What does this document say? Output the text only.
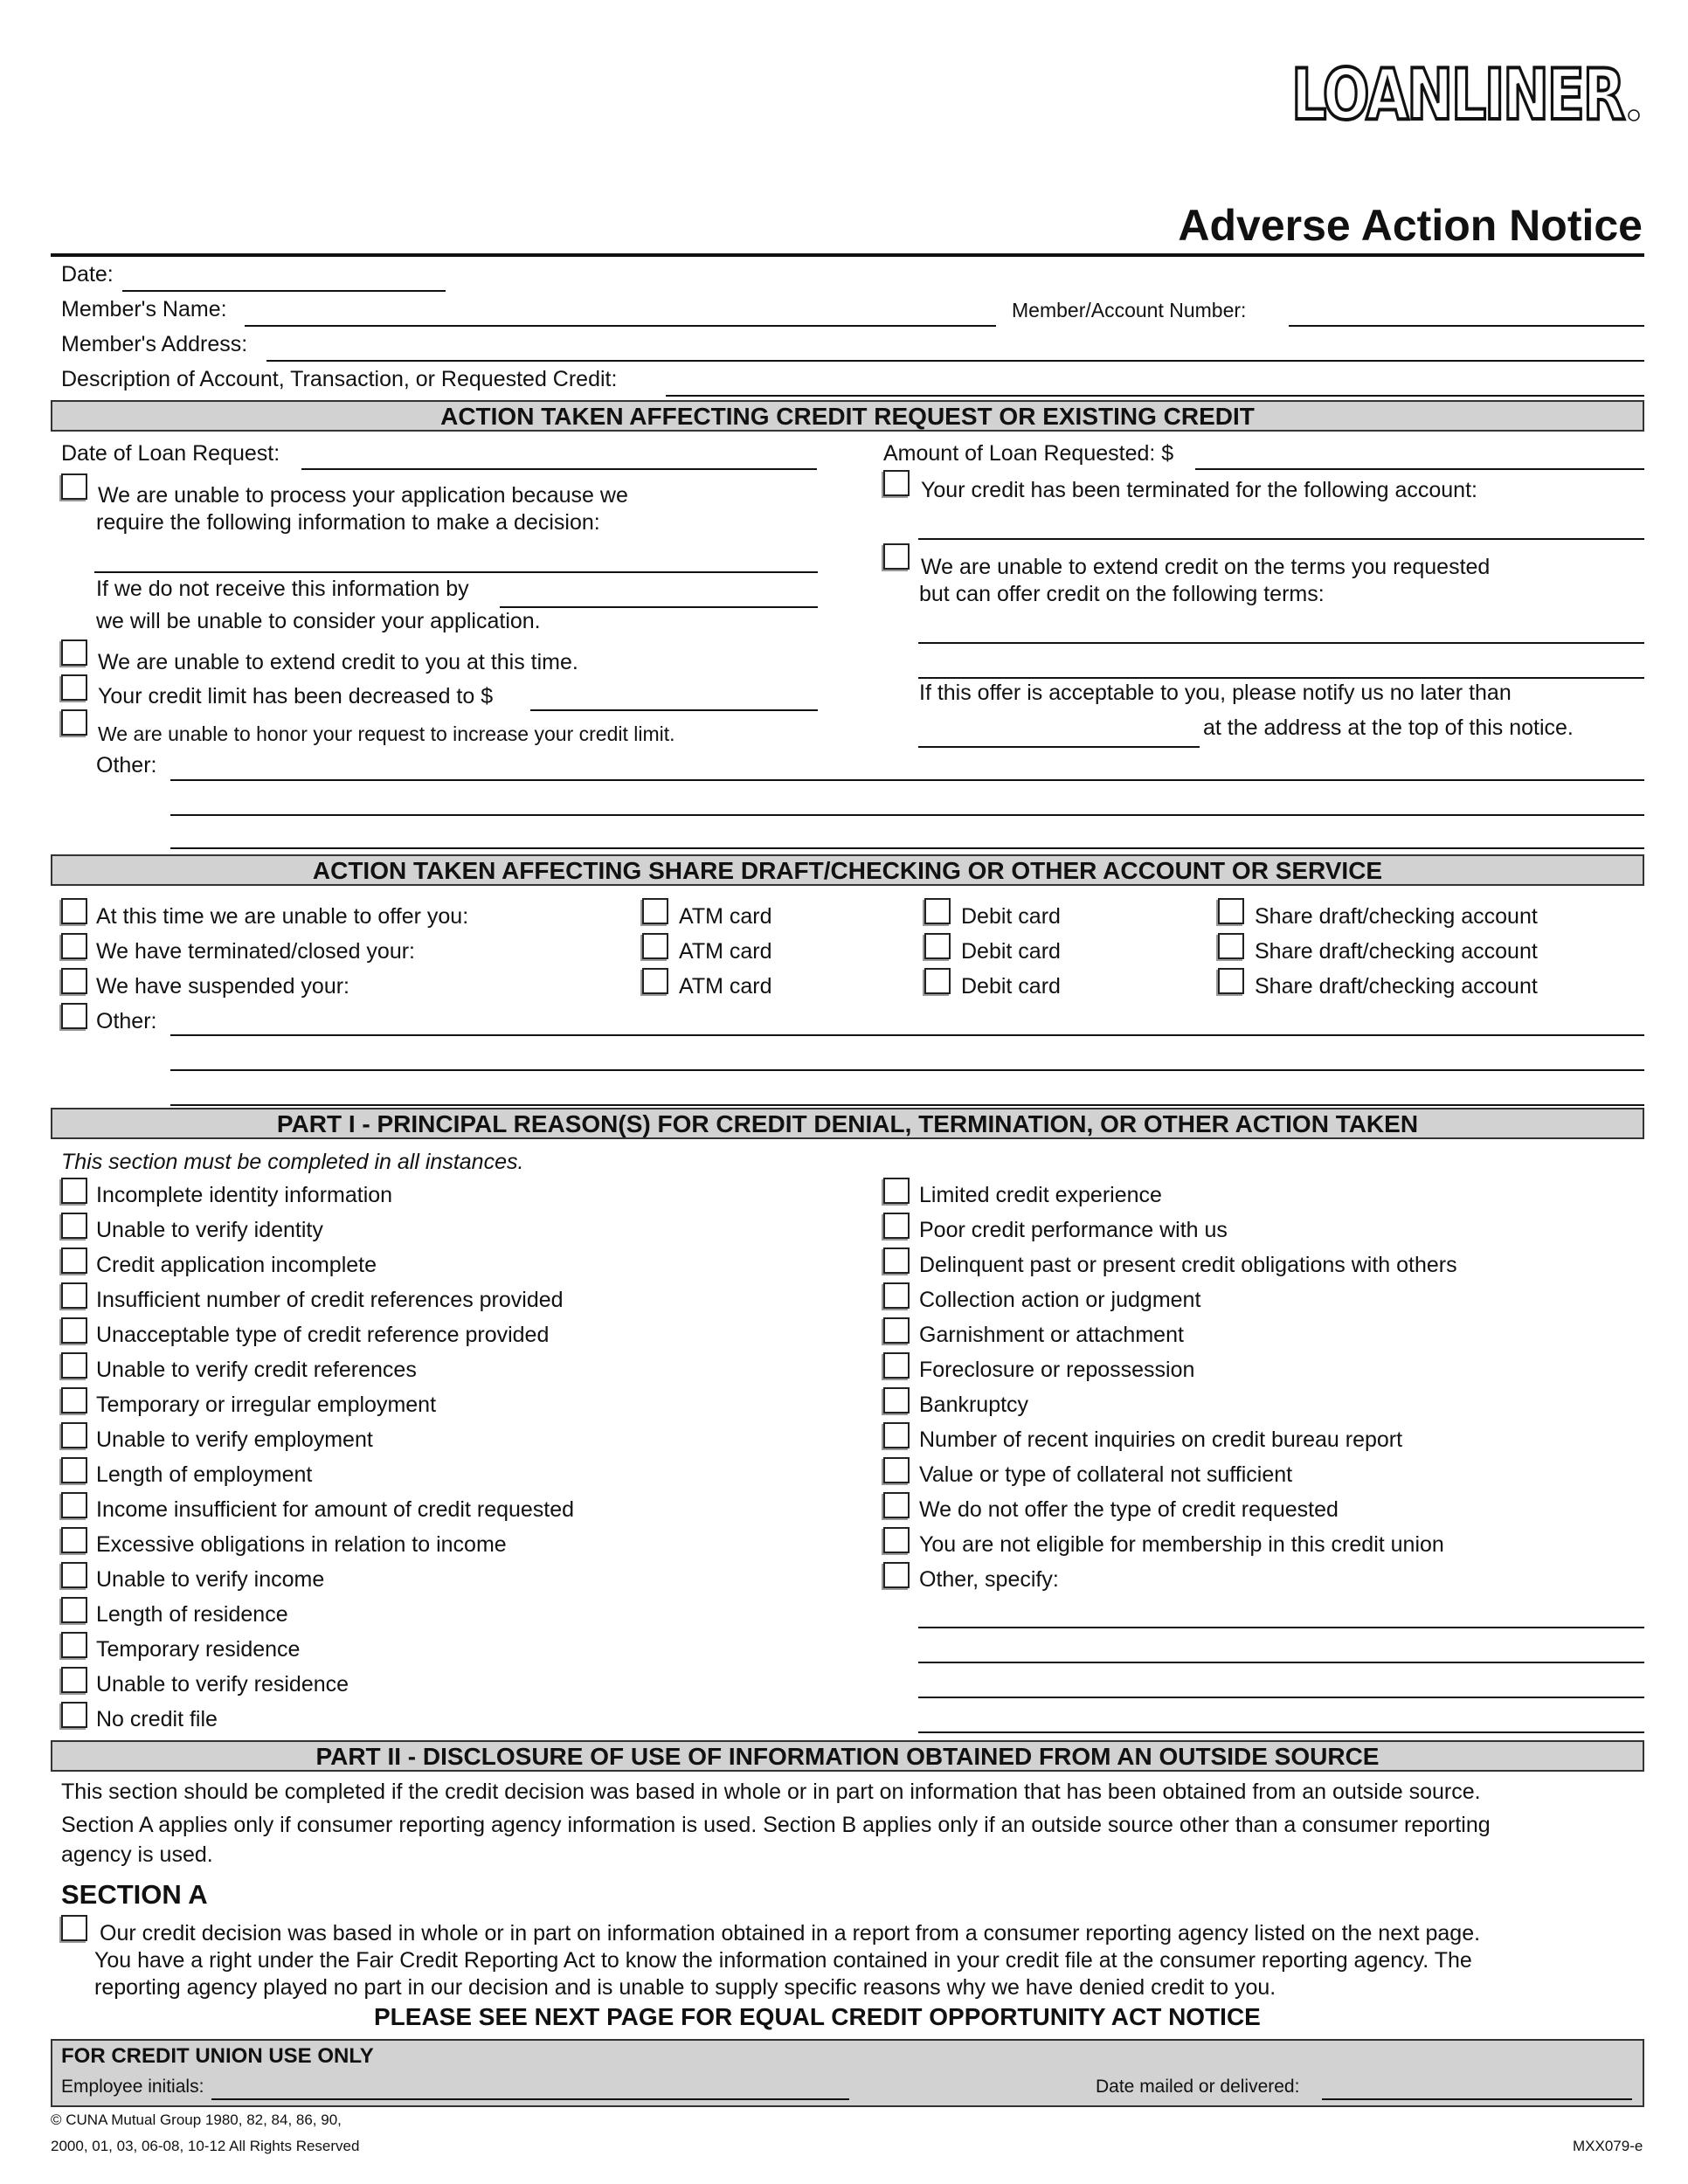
LOANLINER
Adverse Action Notice
Date:
Member's Name:	Member/Account Number:
Member's Address:
Description of Account, Transaction, or Requested Credit:
ACTION TAKEN AFFECTING CREDIT REQUEST OR EXISTING CREDIT
Date of Loan Request:	Amount of Loan Requested: $
We are unable to process your application because we
require the following information to make a decision:
If we do not receive this information by
we will be unable to consider your application.
We are unable to extend credit to you at this time.
Your credit limit has been decreased to $
We are unable to honor your request to increase your credit limit.
Other:
Your credit has been terminated for the following account:
We are unable to extend credit on the terms you requested
but can offer credit on the following terms:
If this offer is acceptable to you, please notify us no later than
at the address at the top of this notice.
ACTION TAKEN AFFECTING SHARE DRAFT/CHECKING OR OTHER ACCOUNT OR SERVICE
At this time we are unable to offer you:	ATM card	Debit card	Share draft/checking account
We have terminated/closed your:	ATM card	Debit card	Share draft/checking account
We have suspended your:	ATM card	Debit card	Share draft/checking account
Other:
PART I - PRINCIPAL REASON(S) FOR CREDIT DENIAL, TERMINATION, OR OTHER ACTION TAKEN
This section must be completed in all instances.
PART II - DISCLOSURE OF USE OF INFORMATION OBTAINED FROM AN OUTSIDE SOURCE
This section should be completed if the credit decision was based in whole or in part on information that has been obtained from an outside source.
Section A applies only if consumer reporting agency information is used. Section B applies only if an outside source other than a consumer reporting
agency is used.
SECTION A
Our credit decision was based in whole or in part on information obtained in a report from a consumer reporting agency listed on the next page.
You have a right under the Fair Credit Reporting Act to know the information contained in your credit file at the consumer reporting agency. The
reporting agency played no part in our decision and is unable to supply specific reasons why we have denied credit to you.
PLEASE SEE NEXT PAGE FOR EQUAL CREDIT OPPORTUNITY ACT NOTICE
FOR CREDIT UNION USE ONLY
Employee initials:	Date mailed or delivered:
© CUNA Mutual Group 1980, 82, 84, 86, 90,
2000, 01, 03, 06-08, 10-12 All Rights Reserved	MXX079-e
Incomplete identity information
Unable to verify identity
Credit application incomplete
Insufficient number of credit references provided
Unacceptable type of credit reference provided
Unable to verify credit references
Temporary or irregular employment
Unable to verify employment
Length of employment
Income insufficient for amount of credit requested
Excessive obligations in relation to income
Unable to verify income
Length of residence
Temporary residence
Unable to verify residence
No credit file
Limited credit experience
Poor credit performance with us
Delinquent past or present credit obligations with others
Collection action or judgment
Garnishment or attachment
Foreclosure or repossession
Bankruptcy
Number of recent inquiries on credit bureau report
Value or type of collateral not sufficient
We do not offer the type of credit requested
You are not eligible for membership in this credit union
Other, specify:
